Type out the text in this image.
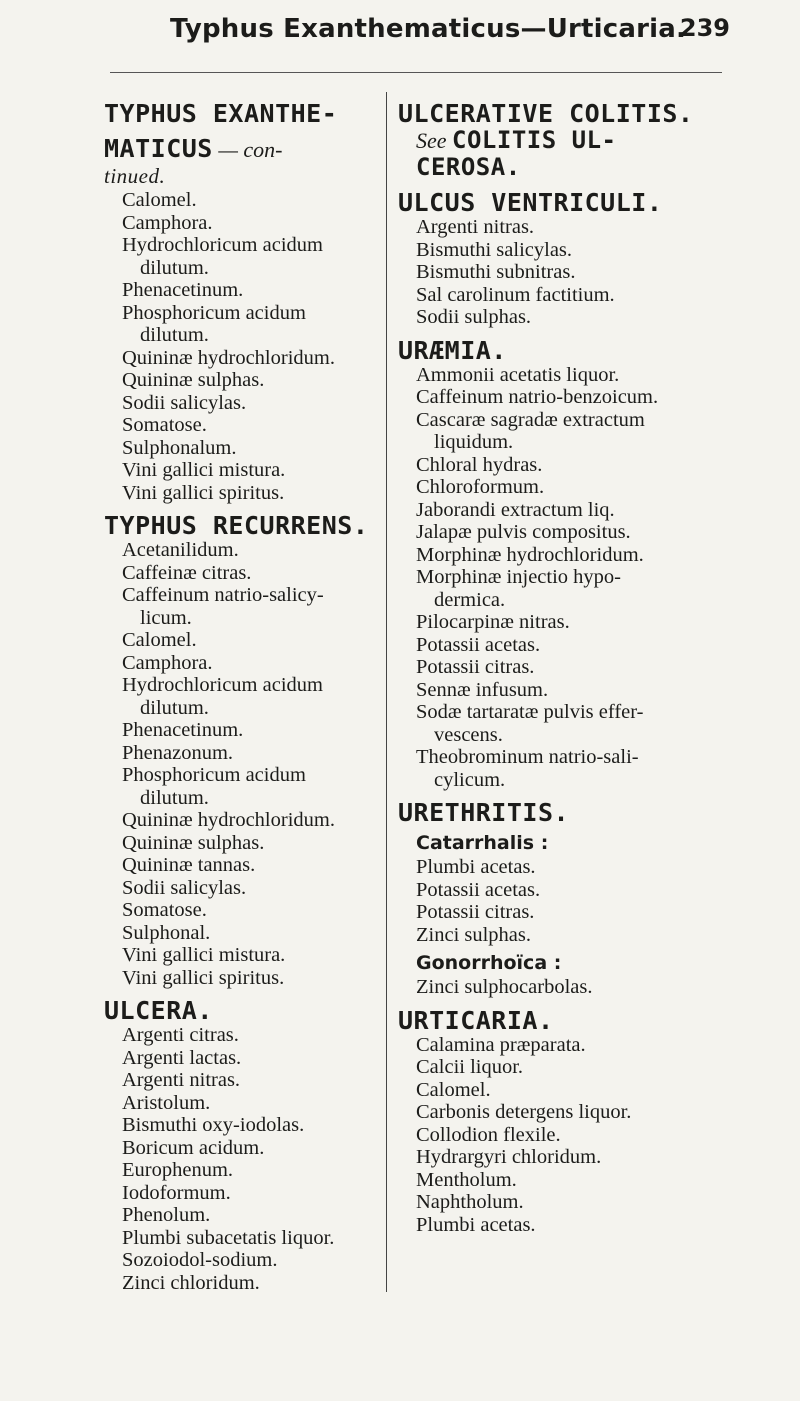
Typhus Exanthematicus—Urticaria.
239
TYPHUS EXANTHE-
MATICUS — con-
tinued.
Calomel.
Camphora.
Hydrochloricum acidum
dilutum.
Phenacetinum.
Phosphoricum acidum
dilutum.
Quininæ hydrochloridum.
Quininæ sulphas.
Sodii salicylas.
Somatose.
Sulphonalum.
Vini gallici mistura.
Vini gallici spiritus.
TYPHUS RECURRENS.
Acetanilidum.
Caffeinæ citras.
Caffeinum natrio-salicy-
licum.
Calomel.
Camphora.
Hydrochloricum acidum
dilutum.
Phenacetinum.
Phenazonum.
Phosphoricum acidum
dilutum.
Quininæ hydrochloridum.
Quininæ sulphas.
Quininæ tannas.
Sodii salicylas.
Somatose.
Sulphonal.
Vini gallici mistura.
Vini gallici spiritus.
ULCERA.
Argenti citras.
Argenti lactas.
Argenti nitras.
Aristolum.
Bismuthi oxy-iodolas.
Boricum acidum.
Europhenum.
Iodoformum.
Phenolum.
Plumbi subacetatis liquor.
Sozoiodol-sodium.
Zinci chloridum.
ULCERATIVE COLITIS.
See COLITIS UL-
CEROSA.
ULCUS VENTRICULI.
Argenti nitras.
Bismuthi salicylas.
Bismuthi subnitras.
Sal carolinum factitium.
Sodii sulphas.
URÆMIA.
Ammonii acetatis liquor.
Caffeinum natrio-benzoicum.
Cascaræ sagradæ extractum
liquidum.
Chloral hydras.
Chloroformum.
Jaborandi extractum liq.
Jalapæ pulvis compositus.
Morphinæ hydrochloridum.
Morphinæ injectio hypo-
dermica.
Pilocarpinæ nitras.
Potassii acetas.
Potassii citras.
Sennæ infusum.
Sodæ tartaratæ pulvis effer-
vescens.
Theobrominum natrio-sali-
cylicum.
URETHRITIS.
Catarrhalis :
Plumbi acetas.
Potassii acetas.
Potassii citras.
Zinci sulphas.
Gonorrhoïca :
Zinci sulphocarbolas.
URTICARIA.
Calamina præparata.
Calcii liquor.
Calomel.
Carbonis detergens liquor.
Collodion flexile.
Hydrargyri chloridum.
Mentholum.
Naphtholum.
Plumbi acetas.
